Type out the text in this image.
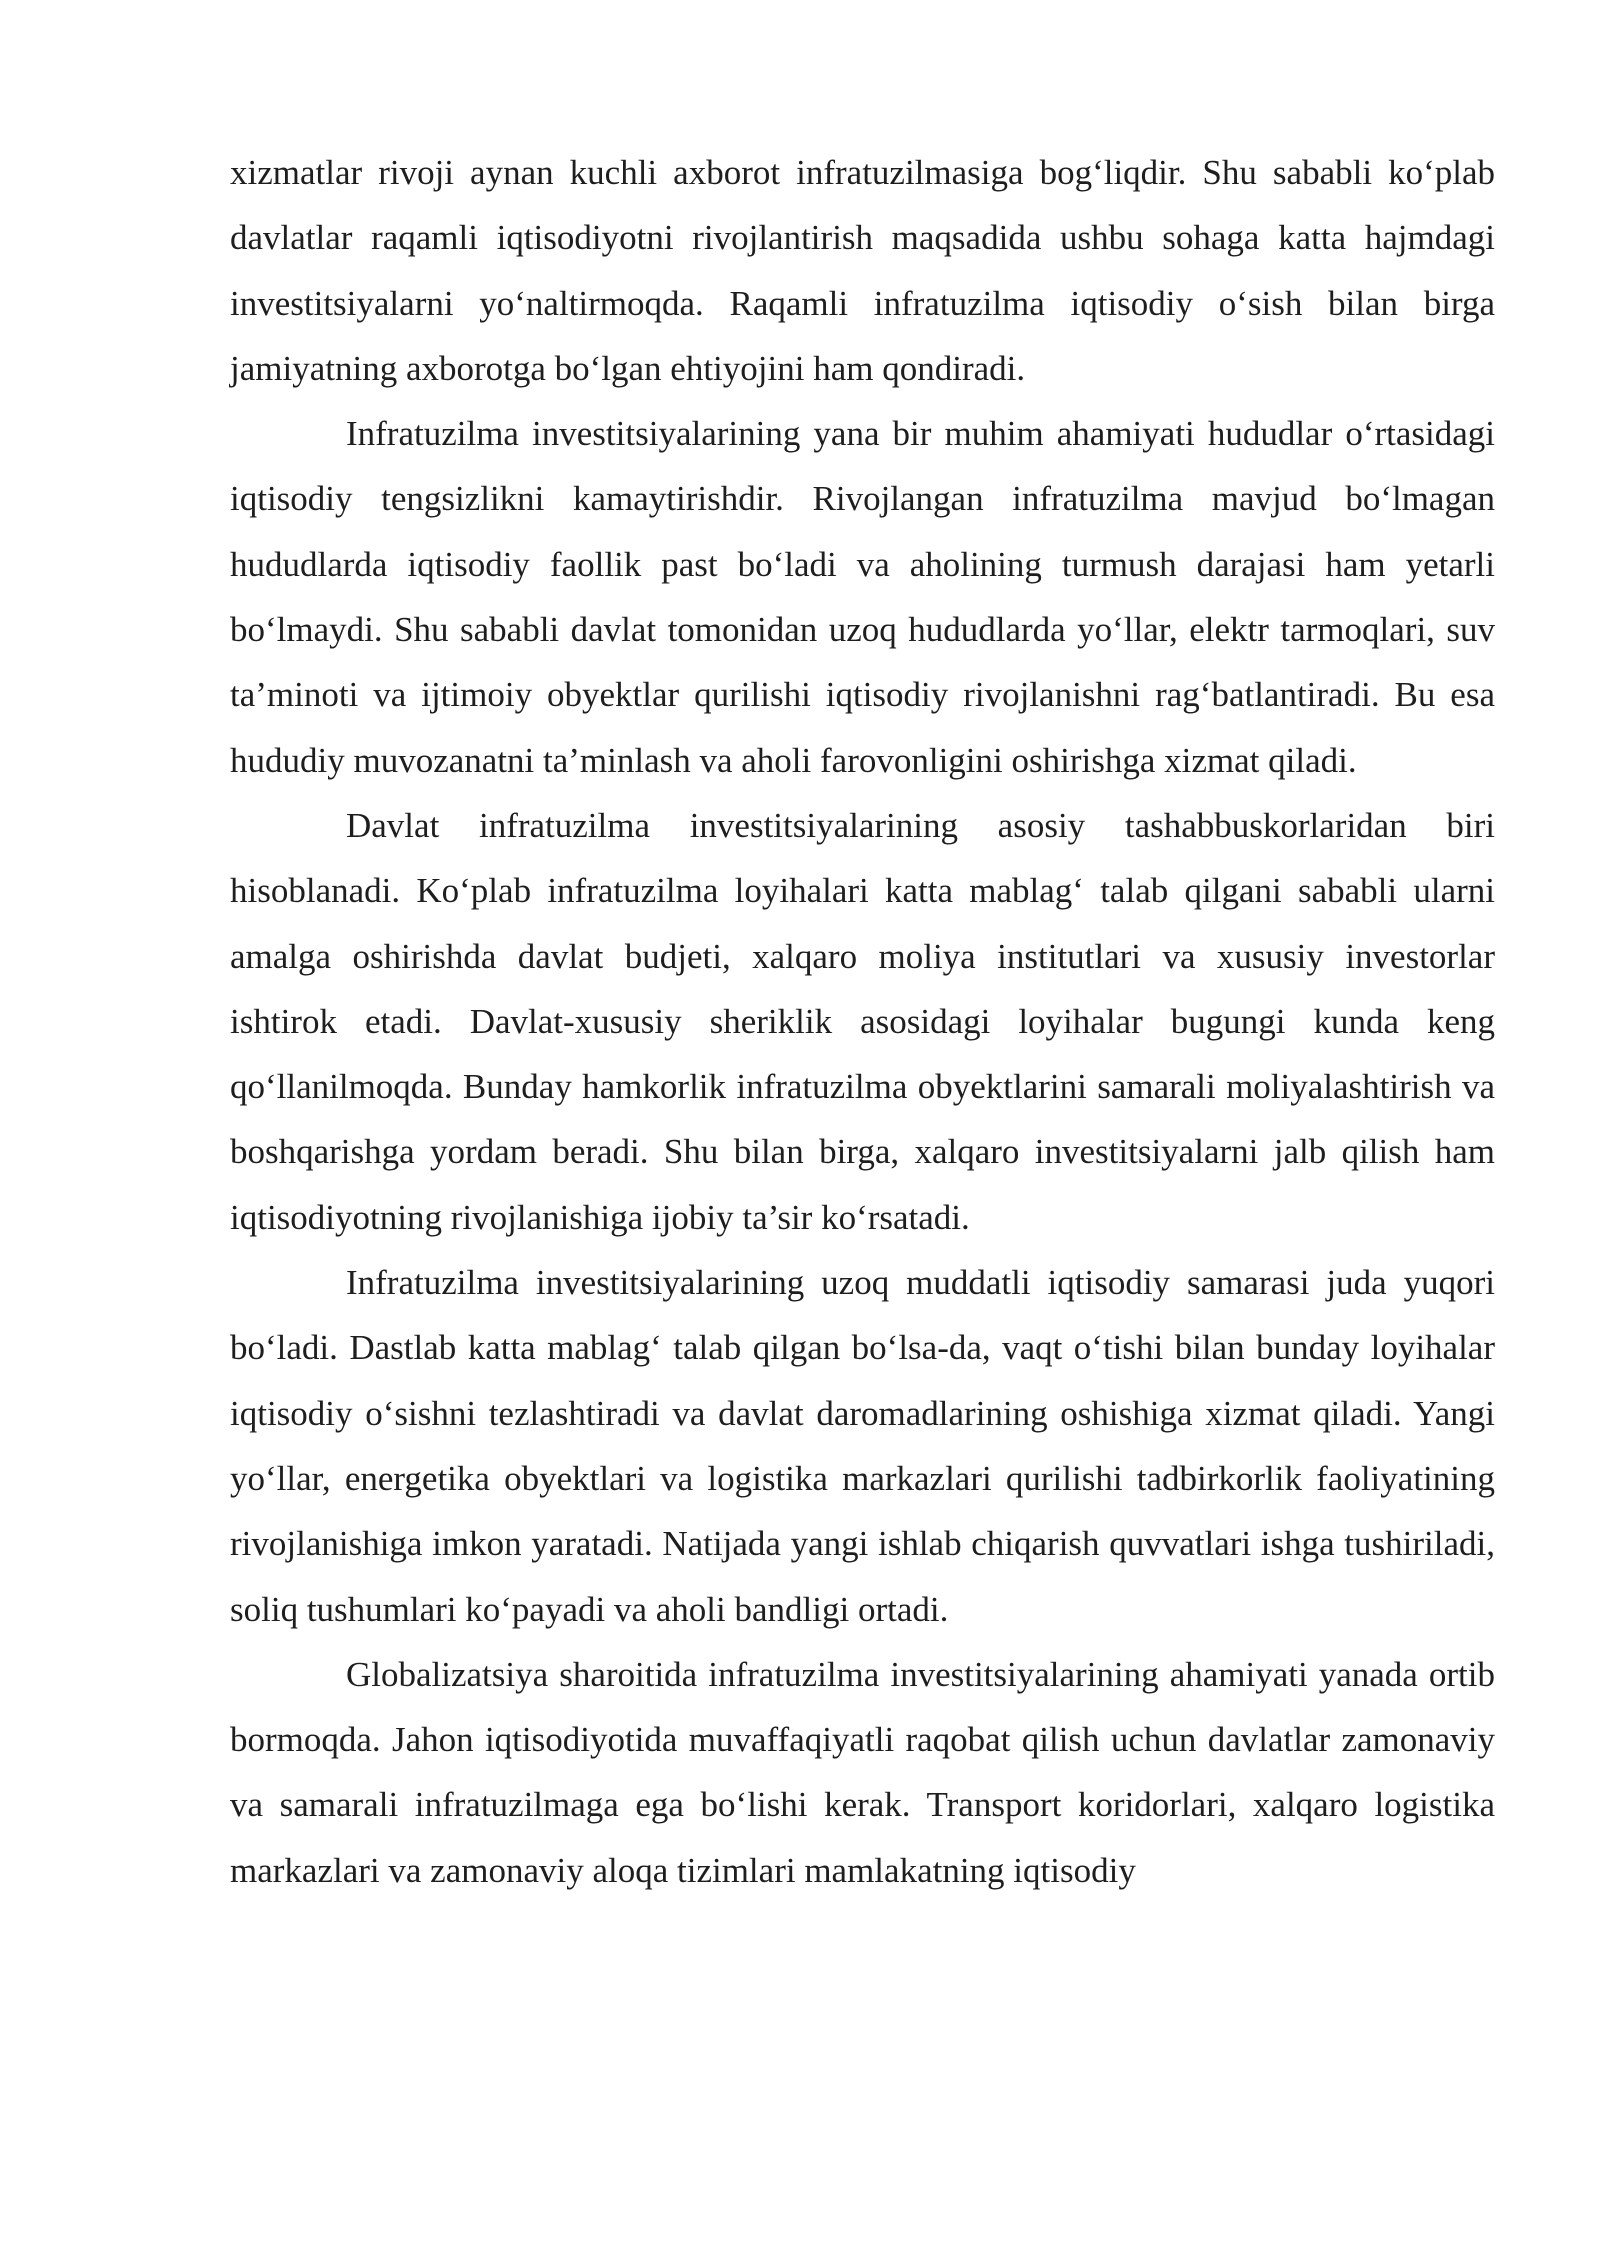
xizmatlar rivoji aynan kuchli axborot infratuzilmasiga bog‘liqdir. Shu sababli ko‘plab davlatlar raqamli iqtisodiyotni rivojlantirish maqsadida ushbu sohaga katta hajmdagi investitsiyalarni yo‘naltirmoqda. Raqamli infratuzilma iqtisodiy o‘sish bilan birga jamiyatning axborotga bo‘lgan ehtiyojini ham qondiradi.

Infratuzilma investitsiyalarining yana bir muhim ahamiyati hududlar o‘rtasidagi iqtisodiy tengsizlikni kamaytirishdir. Rivojlangan infratuzilma mavjud bo‘lmagan hududlarda iqtisodiy faollik past bo‘ladi va aholining turmush darajasi ham yetarli bo‘lmaydi. Shu sababli davlat tomonidan uzoq hududlarda yo‘llar, elektr tarmoqlari, suv ta’minoti va ijtimoiy obyektlar qurilishi iqtisodiy rivojlanishni rag‘batlantiradi. Bu esa hududiy muvozanatni ta’minlash va aholi farovonligini oshirishga xizmat qiladi.

Davlat infratuzilma investitsiyalarining asosiy tashabbuskorlaridan biri hisoblanadi. Ko‘plab infratuzilma loyihalari katta mablag‘ talab qilgani sababli ularni amalga oshirishda davlat budjeti, xalqaro moliya institutlari va xususiy investorlar ishtirok etadi. Davlat-xususiy sheriklik asosidagi loyihalar bugungi kunda keng qo‘llanilmoqda. Bunday hamkorlik infratuzilma obyektlarini samarali moliyalashtirish va boshqarishga yordam beradi. Shu bilan birga, xalqaro investitsiyalarni jalb qilish ham iqtisodiyotning rivojlanishiga ijobiy ta’sir ko‘rsatadi.

Infratuzilma investitsiyalarining uzoq muddatli iqtisodiy samarasi juda yuqori bo‘ladi. Dastlab katta mablag‘ talab qilgan bo‘lsa-da, vaqt o‘tishi bilan bunday loyihalar iqtisodiy o‘sishni tezlashtiradi va davlat daromadlarining oshishiga xizmat qiladi. Yangi yo‘llar, energetika obyektlari va logistika markazlari qurilishi tadbirkorlik faoliyatining rivojlanishiga imkon yaratadi. Natijada yangi ishlab chiqarish quvvatlari ishga tushiriladi, soliq tushumlari ko‘payadi va aholi bandligi ortadi.

Globalizatsiya sharoitida infratuzilma investitsiyalarining ahamiyati yanada ortib bormoqda. Jahon iqtisodiyotida muvaffaqiyatli raqobat qilish uchun davlatlar zamonaviy va samarali infratuzilmaga ega bo‘lishi kerak. Transport koridorlari, xalqaro logistika markazlari va zamonaviy aloqa tizimlari mamlakatning iqtisodiy
